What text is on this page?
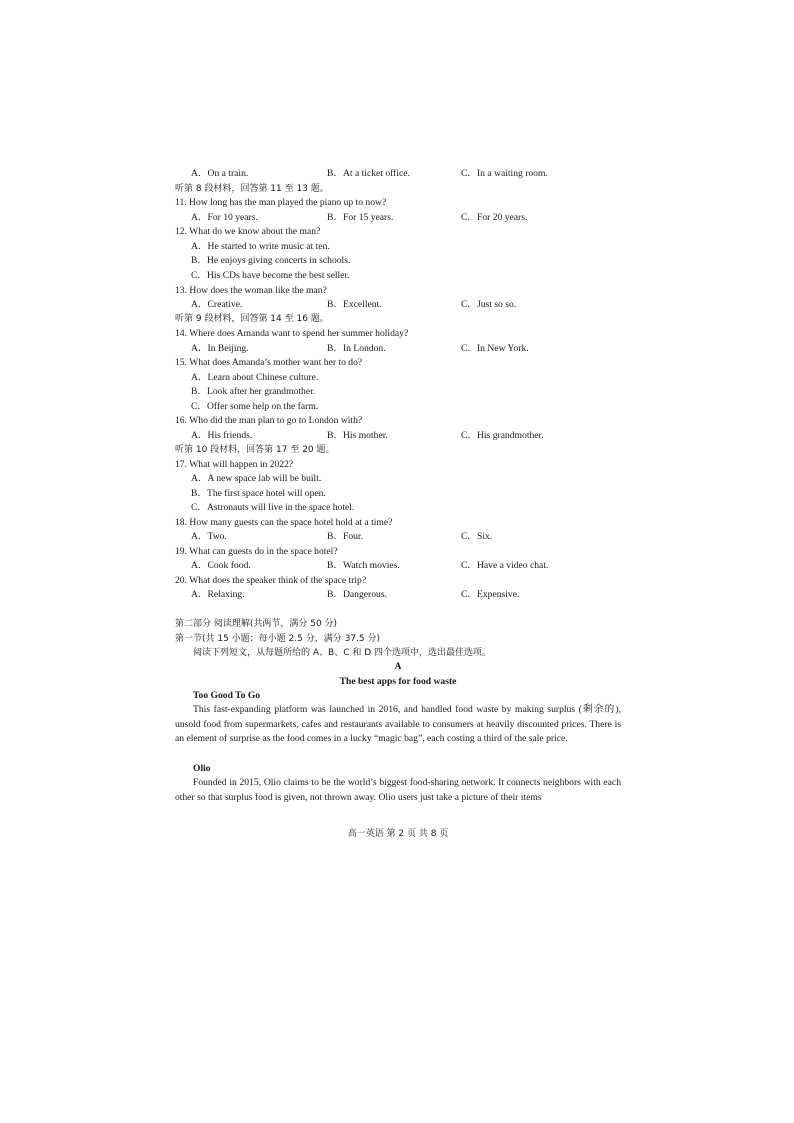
A．On a train.	B．At a ticket office.	C．In a waiting room.
听第 8 段材料，回答第 11 至 13 题。
11. How long has the man played the piano up to now?
A．For 10 years.	B．For 15 years.	C．For 20 years.
12. What do we know about the man?
A．He started to write music at ten.
B．He enjoys giving concerts in schools.
C．His CDs have become the best seller.
13. How does the woman like the man?
A．Creative.	B．Excellent.	C．Just so so.
听第 9 段材料，回答第 14 至 16 题。
14. Where does Amanda want to spend her summer holiday?
A．In Beijing.	B．In London.	C．In New York.
15. What does Amanda’s mother want her to do?
A．Learn about Chinese culture.
B．Look after her grandmother.
C．Offer some help on the farm.
16. Who did the man plan to go to London with?
A．His friends.	B．His mother.	C．His grandmother.
听第 10 段材料，回答第 17 至 20 题。
17. What will happen in 2022?
A．A new space lab will be built.
B．The first space hotel will open.
C．Astronauts will live in the space hotel.
18. How many guests can the space hotel hold at a time?
A．Two.	B．Four.	C．Six.
19. What can guests do in the space hotel?
A．Cook food.	B．Watch movies.	C．Have a video chat.
20. What does the speaker think of the space trip?
A．Relaxing.	B．Dangerous.	C．Expensive.
第二部分 阅读理解(共两节，满分 50 分)
第一节(共 15 小题；每小题 2.5 分，满分 37.5 分)
阅读下列短文，从每题所给的 A、B、C 和 D 四个选项中，选出最佳选项。
A
The best apps for food waste
Too Good To Go
This fast-expanding platform was launched in 2016, and handled food waste by making surplus (剩余的), unsold food from supermarkets, cafes and restaurants available to consumers at heavily discounted prices. There is an element of surprise as the food comes in a lucky “magic bag”, each costing a third of the sale price.
Olio
Founded in 2015, Olio claims to be the world’s biggest food-sharing network. It connects neighbors with each other so that surplus food is given, not thrown away. Olio users just take a picture of their items
高一英语 第 2 页 共 8 页
